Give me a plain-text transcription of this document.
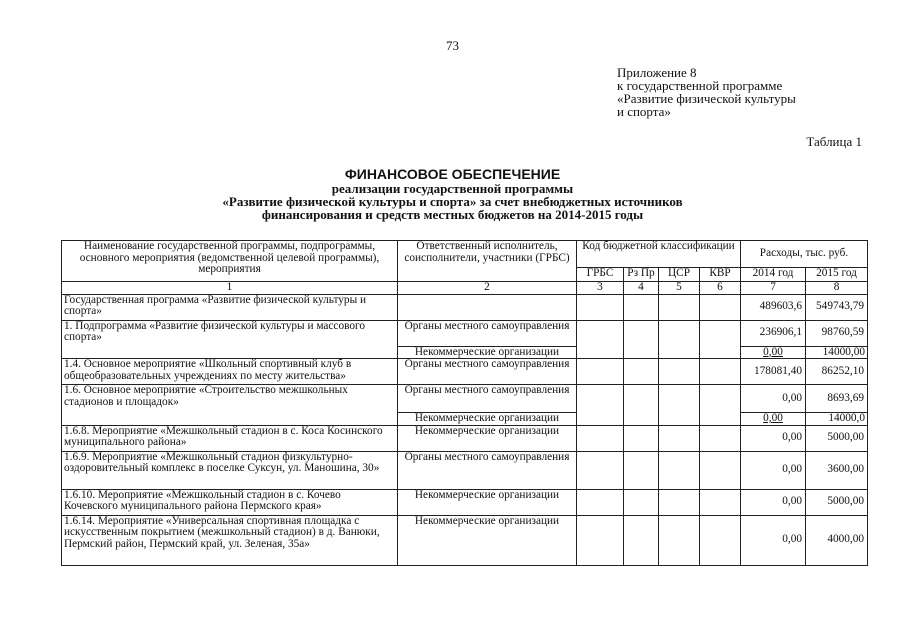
73
Приложение 8
к государственной программе
«Развитие физической культуры
и спорта»
Таблица 1
ФИНАНСОВОЕ ОБЕСПЕЧЕНИЕ
реализации государственной программы
«Развитие физической культуры и спорта» за счет внебюджетных источников
финансирования и средств местных бюджетов на 2014-2015 годы
Наименование государственной программы, подпрограммы, основного мероприятия (ведомственной целевой программы), мероприятия	Ответственный исполнитель, соисполнители, участники (ГРБС)	Код бюджетной классификации				Расходы, тыс. руб.	
		ГРБС	Рз Пр	ЦСР	КВР	2014 год	2015 год
1	2	3	4	5	6	7	8
Государственная программа «Развитие физической культуры и спорта»						489603,6	549743,79
1. Подпрограмма «Развитие физической культуры и массового спорта»	Органы местного самоуправления					236906,1	98760,59
	Некоммерческие организации					0,00	14000,00
1.4. Основное мероприятие «Школьный спортивный клуб в общеобразовательных учреждениях по месту жительства»	Органы местного самоуправления					178081,40	86252,10
1.6. Основное мероприятие «Строительство межшкольных стадионов и площадок»	Органы местного самоуправления					0,00	8693,69
	Некоммерческие организации					0,00	14000,0
1.6.8. Мероприятие «Межшкольный стадион в с. Коса Косинского муниципального района»	Некоммерческие организации					0,00	5000,00
1.6.9. Мероприятие «Межшкольный стадион физкультурно-оздоровительный комплекс в поселке Суксун, ул. Маношина, 30»	Органы местного самоуправления					0,00	3600,00
1.6.10. Мероприятие «Межшкольный стадион в с. Кочево Кочевского муниципального района Пермского края»	Некоммерческие организации					0,00	5000,00
1.6.14. Мероприятие «Универсальная спортивная площадка с искусственным покрытием (межшкольный стадион) в д. Ванюки, Пермский район, Пермский край, ул. Зеленая, 35а»	Некоммерческие организации					0,00	4000,00
